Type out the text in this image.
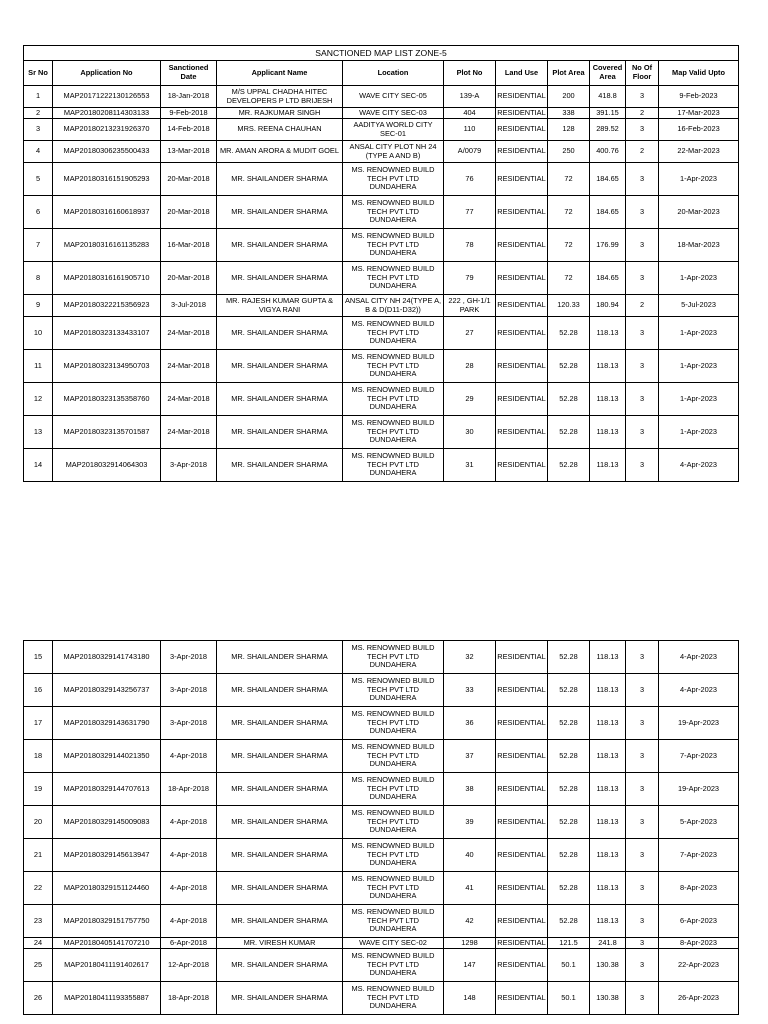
SANCTIONED MAP LIST ZONE-5										
Sr No	Application No	Sanctioned Date	Applicant Name	Location	Plot No	Land Use	Plot Area	Covered Area	No Of Floor	Map Valid Upto
1	MAP20171222130126553	18-Jan-2018	M/S UPPAL CHADHA HITEC DEVELOPERS P LTD BRIJESH	WAVE CITY SEC-05	139-A	RESIDENTIAL	200	418.8	3	9-Feb-2023
2	MAP20180208114303133	9-Feb-2018	MR. RAJKUMAR SINGH	WAVE CITY SEC-03	404	RESIDENTIAL	338	391.15	2	17-Mar-2023
3	MAP20180213231926370	14-Feb-2018	MRS. REENA CHAUHAN	AADITYA WORLD CITY SEC-01	110	RESIDENTIAL	128	289.52	3	16-Feb-2023
4	MAP20180306235500433	13-Mar-2018	MR. AMAN ARORA & MUDIT GOEL	ANSAL CITY PLOT NH 24 (TYPE A AND B)	A/0079	RESIDENTIAL	250	400.76	2	22-Mar-2023
5	MAP20180316151905293	20-Mar-2018	MR. SHAILANDER SHARMA	MS. RENOWNED BUILD TECH PVT LTD DUNDAHERA	76	RESIDENTIAL	72	184.65	3	1-Apr-2023
6	MAP20180316160618937	20-Mar-2018	MR. SHAILANDER SHARMA	MS. RENOWNED BUILD TECH PVT LTD DUNDAHERA	77	RESIDENTIAL	72	184.65	3	20-Mar-2023
7	MAP20180316161135283	16-Mar-2018	MR. SHAILANDER SHARMA	MS. RENOWNED BUILD TECH PVT LTD DUNDAHERA	78	RESIDENTIAL	72	176.99	3	18-Mar-2023
8	MAP20180316161905710	20-Mar-2018	MR. SHAILANDER SHARMA	MS. RENOWNED BUILD TECH PVT LTD DUNDAHERA	79	RESIDENTIAL	72	184.65	3	1-Apr-2023
9	MAP20180322215356923	3-Jul-2018	MR. RAJESH KUMAR GUPTA & VIGYA RANI	ANSAL CITY NH 24(TYPE A, B & D(D11-D32))	222 , GH-1/1 PARK	RESIDENTIAL	120.33	180.94	2	5-Jul-2023
10	MAP20180323133433107	24-Mar-2018	MR. SHAILANDER SHARMA	MS. RENOWNED BUILD TECH PVT LTD DUNDAHERA	27	RESIDENTIAL	52.28	118.13	3	1-Apr-2023
11	MAP20180323134950703	24-Mar-2018	MR. SHAILANDER SHARMA	MS. RENOWNED BUILD TECH PVT LTD DUNDAHERA	28	RESIDENTIAL	52.28	118.13	3	1-Apr-2023
12	MAP20180323135358760	24-Mar-2018	MR. SHAILANDER SHARMA	MS. RENOWNED BUILD TECH PVT LTD DUNDAHERA	29	RESIDENTIAL	52.28	118.13	3	1-Apr-2023
13	MAP20180323135701587	24-Mar-2018	MR. SHAILANDER SHARMA	MS. RENOWNED BUILD TECH PVT LTD DUNDAHERA	30	RESIDENTIAL	52.28	118.13	3	1-Apr-2023
14	MAP2018032914064303	3-Apr-2018	MR. SHAILANDER SHARMA	MS. RENOWNED BUILD TECH PVT LTD DUNDAHERA	31	RESIDENTIAL	52.28	118.13	3	4-Apr-2023
15	MAP20180329141743180	3-Apr-2018	MR. SHAILANDER SHARMA	MS. RENOWNED BUILD TECH PVT LTD DUNDAHERA	32	RESIDENTIAL	52.28	118.13	3	4-Apr-2023
16	MAP20180329143256737	3-Apr-2018	MR. SHAILANDER SHARMA	MS. RENOWNED BUILD TECH PVT LTD DUNDAHERA	33	RESIDENTIAL	52.28	118.13	3	4-Apr-2023
17	MAP20180329143631790	3-Apr-2018	MR. SHAILANDER SHARMA	MS. RENOWNED BUILD TECH PVT LTD DUNDAHERA	36	RESIDENTIAL	52.28	118.13	3	19-Apr-2023
18	MAP20180329144021350	4-Apr-2018	MR. SHAILANDER SHARMA	MS. RENOWNED BUILD TECH PVT LTD DUNDAHERA	37	RESIDENTIAL	52.28	118.13	3	7-Apr-2023
19	MAP20180329144707613	18-Apr-2018	MR. SHAILANDER SHARMA	MS. RENOWNED BUILD TECH PVT LTD DUNDAHERA	38	RESIDENTIAL	52.28	118.13	3	19-Apr-2023
20	MAP20180329145009083	4-Apr-2018	MR. SHAILANDER SHARMA	MS. RENOWNED BUILD TECH PVT LTD DUNDAHERA	39	RESIDENTIAL	52.28	118.13	3	5-Apr-2023
21	MAP20180329145613947	4-Apr-2018	MR. SHAILANDER SHARMA	MS. RENOWNED BUILD TECH PVT LTD DUNDAHERA	40	RESIDENTIAL	52.28	118.13	3	7-Apr-2023
22	MAP20180329151124460	4-Apr-2018	MR. SHAILANDER SHARMA	MS. RENOWNED BUILD TECH PVT LTD DUNDAHERA	41	RESIDENTIAL	52.28	118.13	3	8-Apr-2023
23	MAP20180329151757750	4-Apr-2018	MR. SHAILANDER SHARMA	MS. RENOWNED BUILD TECH PVT LTD DUNDAHERA	42	RESIDENTIAL	52.28	118.13	3	6-Apr-2023
24	MAP20180405141707210	6-Apr-2018	MR. VIRESH KUMAR	WAVE CITY SEC-02	1298	RESIDENTIAL	121.5	241.8	3	8-Apr-2023
25	MAP20180411191402617	12-Apr-2018	MR. SHAILANDER SHARMA	MS. RENOWNED BUILD TECH PVT LTD DUNDAHERA	147	RESIDENTIAL	50.1	130.38	3	22-Apr-2023
26	MAP20180411193355887	18-Apr-2018	MR. SHAILANDER SHARMA	MS. RENOWNED BUILD TECH PVT LTD DUNDAHERA	148	RESIDENTIAL	50.1	130.38	3	26-Apr-2023
